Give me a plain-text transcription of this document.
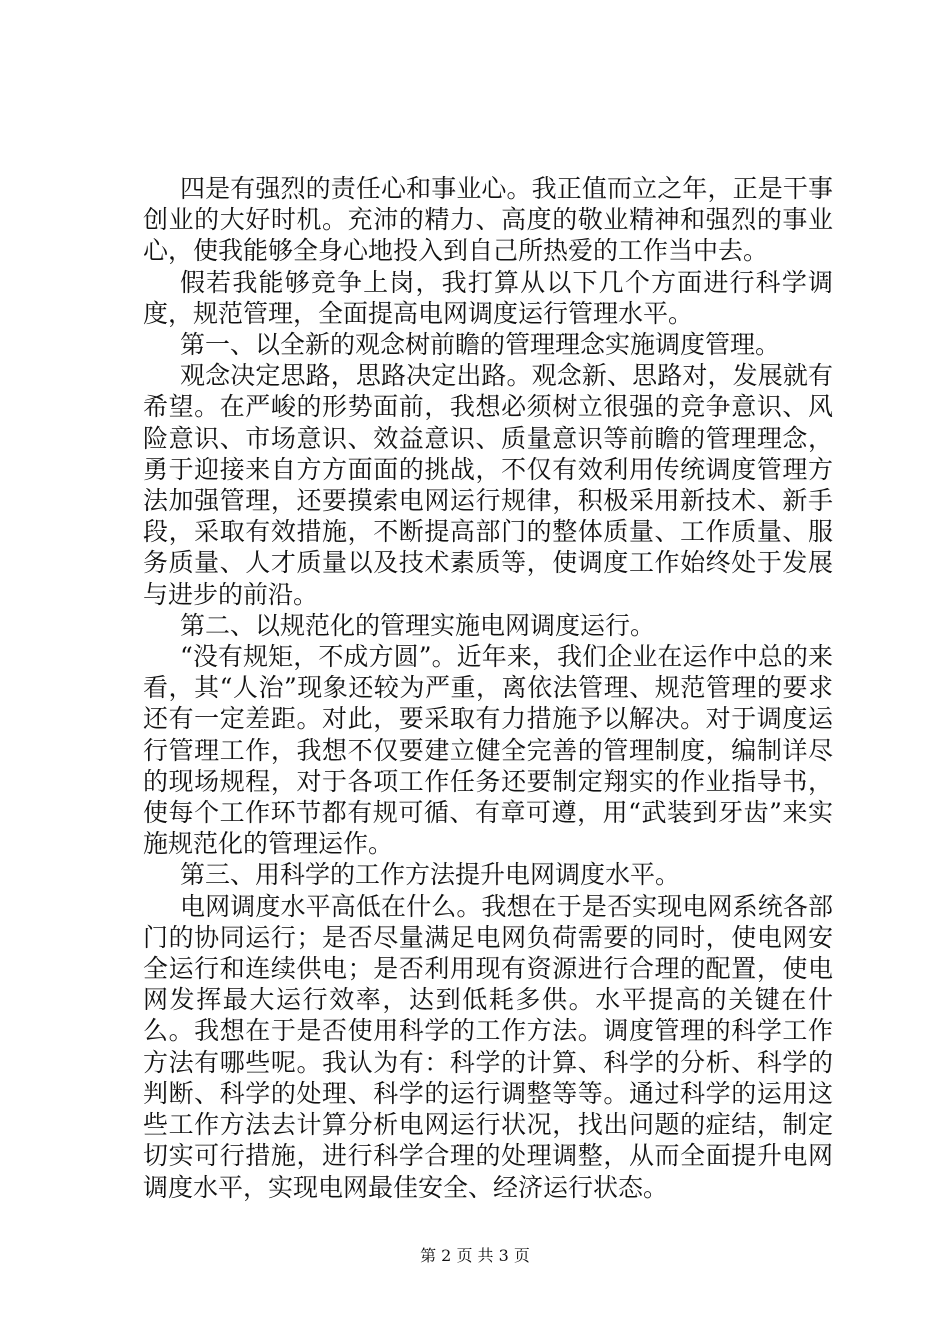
四是有强烈的责任心和事业心。我正值而立之年，正是干事创业的大好时机。充沛的精力、高度的敬业精神和强烈的事业心，使我能够全身心地投入到自己所热爱的工作当中去。

假若我能够竞争上岗，我打算从以下几个方面进行科学调度，规范管理，全面提高电网调度运行管理水平。

第一、以全新的观念树前瞻的管理理念实施调度管理。

观念决定思路，思路决定出路。观念新、思路对，发展就有希望。在严峻的形势面前，我想必须树立很强的竞争意识、风险意识、市场意识、效益意识、质量意识等前瞻的管理理念，勇于迎接来自方方面面的挑战，不仅有效利用传统调度管理方法加强管理，还要摸索电网运行规律，积极采用新技术、新手段，采取有效措施，不断提高部门的整体质量、工作质量、服务质量、人才质量以及技术素质等，使调度工作始终处于发展与进步的前沿。

第二、以规范化的管理实施电网调度运行。

“没有规矩，不成方圆”。近年来，我们企业在运作中总的来看，其“人治”现象还较为严重，离依法管理、规范管理的要求还有一定差距。对此，要采取有力措施予以解决。对于调度运行管理工作，我想不仅要建立健全完善的管理制度，编制详尽的现场规程，对于各项工作任务还要制定翔实的作业指导书，使每个工作环节都有规可循、有章可遵，用“武装到牙齿”来实施规范化的管理运作。

第三、用科学的工作方法提升电网调度水平。

电网调度水平高低在什么。我想在于是否实现电网系统各部门的协同运行；是否尽量满足电网负荷需要的同时，使电网安全运行和连续供电；是否利用现有资源进行合理的配置，使电网发挥最大运行效率，达到低耗多供。水平提高的关键在什么。我想在于是否使用科学的工作方法。调度管理的科学工作方法有哪些呢。我认为有：科学的计算、科学的分析、科学的判断、科学的处理、科学的运行调整等等。通过科学的运用这些工作方法去计算分析电网运行状况，找出问题的症结，制定切实可行措施，进行科学合理的处理调整，从而全面提升电网调度水平，实现电网最佳安全、经济运行状态。

第 2 页 共 3 页
